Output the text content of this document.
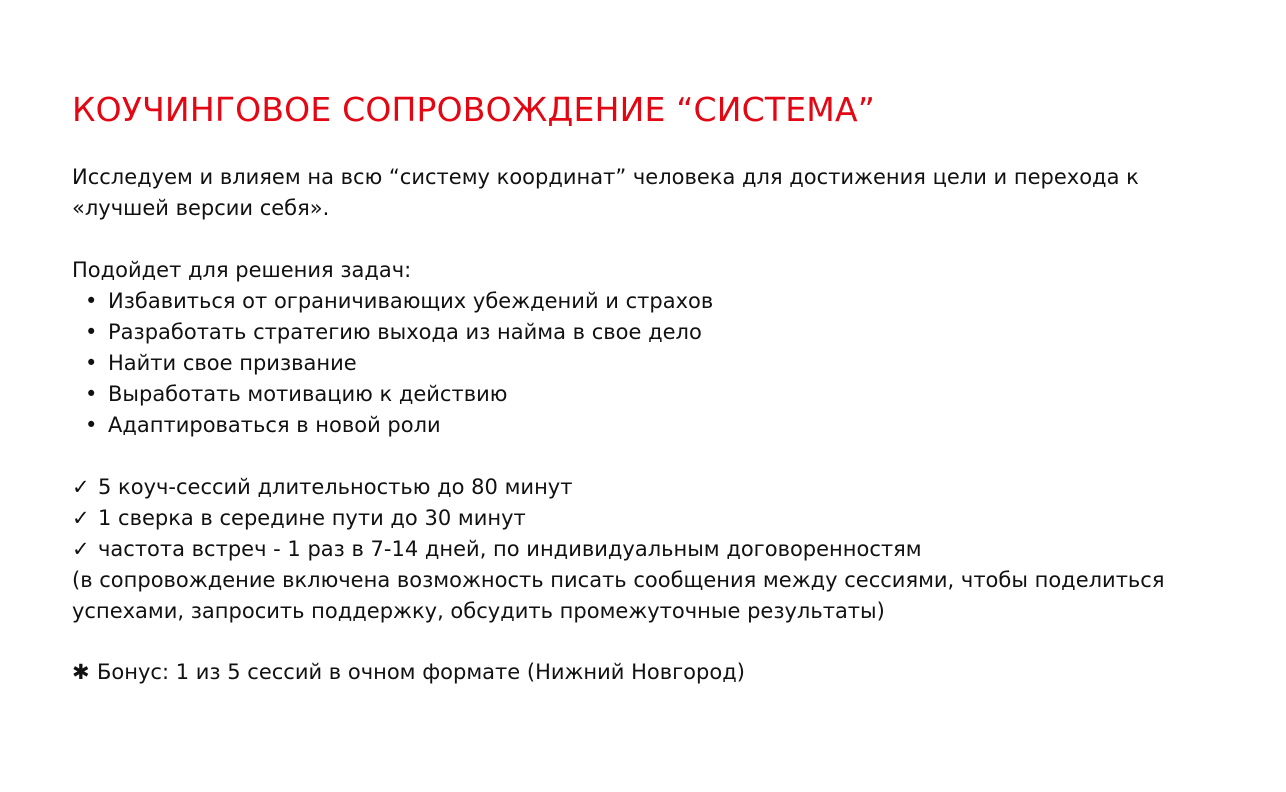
КОУЧИНГОВОЕ СОПРОВОЖДЕНИЕ “СИСТЕМА”

Исследуем и влияем на всю “систему координат” человека для достижения цели и перехода к «лучшей версии себя».

Подойдет для решения задач:

• Избавиться от ограничивающих убеждений и страхов
• Разработать стратегию выхода из найма в свое дело
• Найти свое призвание
• Выработать мотивацию к действию
• Адаптироваться в новой роли
✓ 5 коуч-сессий длительностью до 80 минут
✓ 1 сверка в середине пути до 30 минут
✓ частота встреч - 1 раз в 7-14 дней, по индивидуальным договоренностям

(в сопровождение включена возможность писать сообщения между сессиями, чтобы поделиться успехами, запросить поддержку, обсудить промежуточные результаты)

✱ Бонус: 1 из 5 сессий в очном формате (Нижний Новгород)
